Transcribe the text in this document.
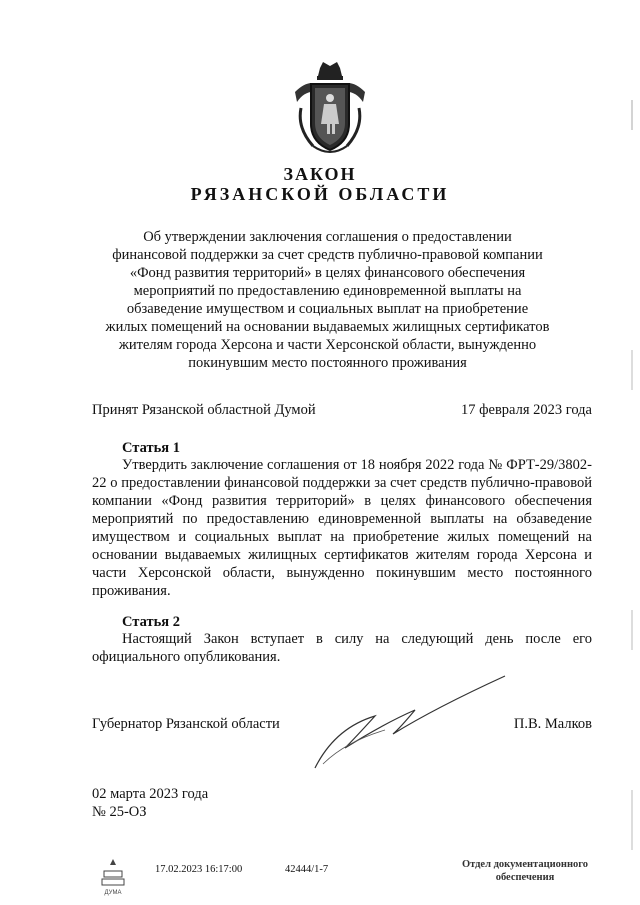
ЗАКОН
РЯЗАНСКОЙ ОБЛАСТИ
Об утверждении заключения соглашения о предоставлении финансовой поддержки за счет средств публично-правовой компании «Фонд развития территорий» в целях финансового обеспечения мероприятий по предоставлению единовременной выплаты на обзаведение имуществом и социальных выплат на приобретение жилых помещений на основании выдаваемых жилищных сертификатов жителям города Херсона и части Херсонской области, вынужденно покинувшим место постоянного проживания
Принят Рязанской областной Думой	17 февраля 2023 года
Статья 1
Утвердить заключение соглашения от 18 ноября 2022 года № ФРТ-29/3802-22 о предоставлении финансовой поддержки за счет средств публично-правовой компании «Фонд развития территорий» в целях финансового обеспечения мероприятий по предоставлению единовременной выплаты на обзаведение имуществом и социальных выплат на приобретение жилых помещений на основании выдаваемых жилищных сертификатов жителям города Херсона и части Херсонской области, вынужденно покинувшим место постоянного проживания.
Статья 2
Настоящий Закон вступает в силу на следующий день после его официального опубликования.
Губернатор Рязанской области	П.В. Малков
02 марта 2023 года
№ 25-ОЗ
ДУМА
17.02.2023 16:17:00	42444/1-7	Отдел документационного
обеспечения
